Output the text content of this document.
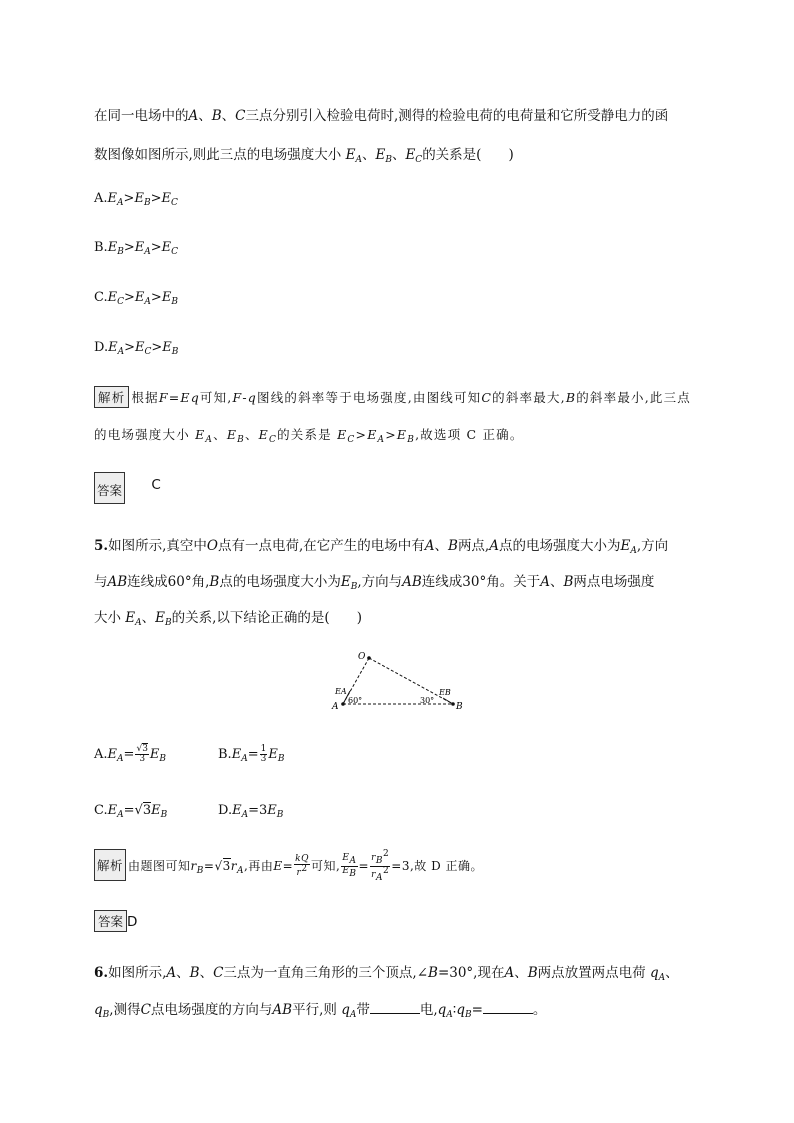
在同一电场中的A、B、C三点分别引入检验电荷时,测得的检验电荷的电荷量和它所受静电力的函
数图像如图所示,则此三点的电场强度大小 $E_A$、$E_B$、$E_C$的关系是(　　)
$A.E_A>E_B>E_C$
$B.E_B>E_A>E_C$
$C.E_C>E_A>E_B$
$D.E_A>E_C>E_B$
解析 根据F=Eq可知,F-q图线的斜率等于电场强度,由图线可知C的斜率最大,B的斜率最小,此三点
的电场强度大小 $E_A$、$E_B$、$E_C$的关系是 $E_C>E_A>E_B$,故选项 C 正确。
答案 C
5.如图所示,真空中O点有一点电荷,在它产生的电场中有A、B两点,A点的电场强度大小为$E_A$,方向
与AB连线成60°角,B点的电场强度大小为$E_B$,方向与AB连线成30°角。关于A、B两点电场强度
大小 $E_A$、$E_B$的关系,以下结论正确的是(　　)
O
A	B
EA	EB
60°	30°
$A.E_A= \frac{√3}{3} E_B$	$B.E_A= \frac{1}{3} E_B$
$C.E_A=√3E_B$	$D.E_A=3E_B$
解析 由题图可知$r_B=√3r_A$,再由$E= \frac{kQ}{r^2}$ 可知, $\frac{E_A}{E_B} = \frac{r_B^2}{r_A^2} =3$,故 D 正确。
答案 D
6.如图所示,A、B、C三点为一直角三角形的三个顶点,∠B=30°,现在A、B两点放置两点电荷 $q_A$、
$q_B$,测得C点电场强度的方向与AB平行,则 $q_A$带	电$,q_A∶q_B=$	。
